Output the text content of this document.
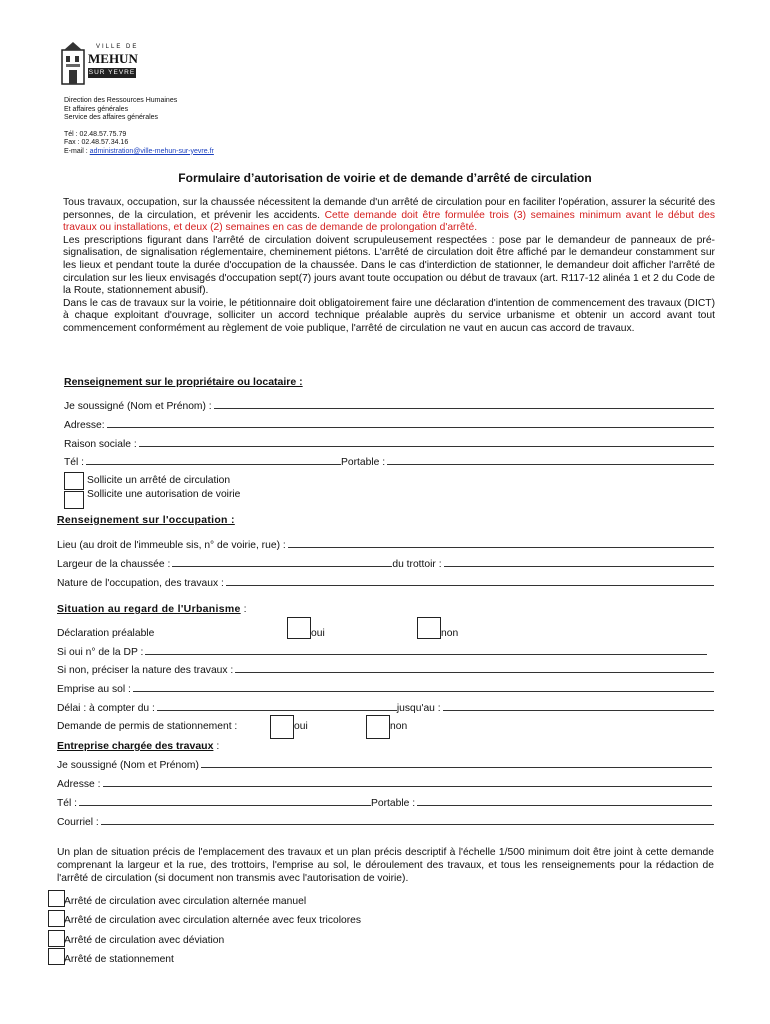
VILLE DE
MEHUN
SUR YEVRE
Direction des Ressources Humaines
Et affaires générales
Service des affaires générales
Tél : 02.48.57.75.79
Fax : 02.48.57.34.16
E-mail : administration@ville-mehun-sur-yevre.fr
Formulaire d’autorisation de voirie et de demande d’arrêté de circulation

Tous travaux, occupation, sur la chaussée nécessitent la demande d'un arrêté de circulation pour en faciliter l'opération, assurer la sécurité des personnes, de la circulation, et prévenir les accidents. Cette demande doit être formulée trois (3) semaines minimum avant le début des travaux ou installations, et deux (2) semaines en cas de demande de prolongation d'arrêté.

Les prescriptions figurant dans l'arrêté de circulation doivent scrupuleusement respectées : pose par le demandeur de panneaux de pré-signalisation, de signalisation réglementaire, cheminement piétons. L'arrêté de circulation doit être affiché par le demandeur constamment sur les lieux et pendant toute la durée d'occupation de la chaussée. Dans le cas d'interdiction de stationner, le demandeur doit afficher l'arrêté de circulation sur les lieux envisagés d'occupation sept(7) jours avant toute occupation ou début de travaux (art. R117-12 alinéa 1 et 2 du Code de la Route, stationnement abusif).

Dans le cas de travaux sur la voirie, le pétitionnaire doit obligatoirement faire une déclaration d'intention de commencement des travaux (DICT) à chaque exploitant d'ouvrage, solliciter un accord technique préalable auprès du service urbanisme et obtenir un accord avant tout commencement conformément au règlement de voie publique, l'arrêté de circulation ne vaut en aucun cas accord de travaux.

Renseignement sur le propriétaire ou locataire :
Je soussigné (Nom et Prénom) :
Adresse:
Raison sociale :
Tél :	Portable :
Sollicite un arrêté de circulation
Sollicite une autorisation de voirie
Renseignement sur l'occupation :
Lieu (au droit de l'immeuble sis, n° de voirie, rue) :
Largeur de la chaussée :	du trottoir :
Nature de l'occupation, des travaux :
Situation au regard de l'Urbanisme :
Déclaration préalable	oui	non
Si oui n° de la DP :
Si non, préciser la nature des travaux :
Emprise au sol :
Délai : à compter du :	jusqu'au :
Demande de permis de stationnement :	oui	non
Entreprise chargée des travaux :
Je soussigné (Nom et Prénom)
Adresse :
Tél :	Portable :
Courriel :
Un plan de situation précis de l'emplacement des travaux et un plan précis descriptif à l'échelle 1/500 minimum doit être joint à cette demande comprenant la largeur et la rue, des trottoirs, l'emprise au sol, le déroulement des travaux, et tous les renseignements pour la rédaction de l'arrêté de circulation (si document non transmis avec l'autorisation de voirie).
Arrêté de circulation avec circulation alternée manuel
Arrêté de circulation avec circulation alternée avec feux tricolores
Arrêté de circulation avec déviation
Arrêté de stationnement
